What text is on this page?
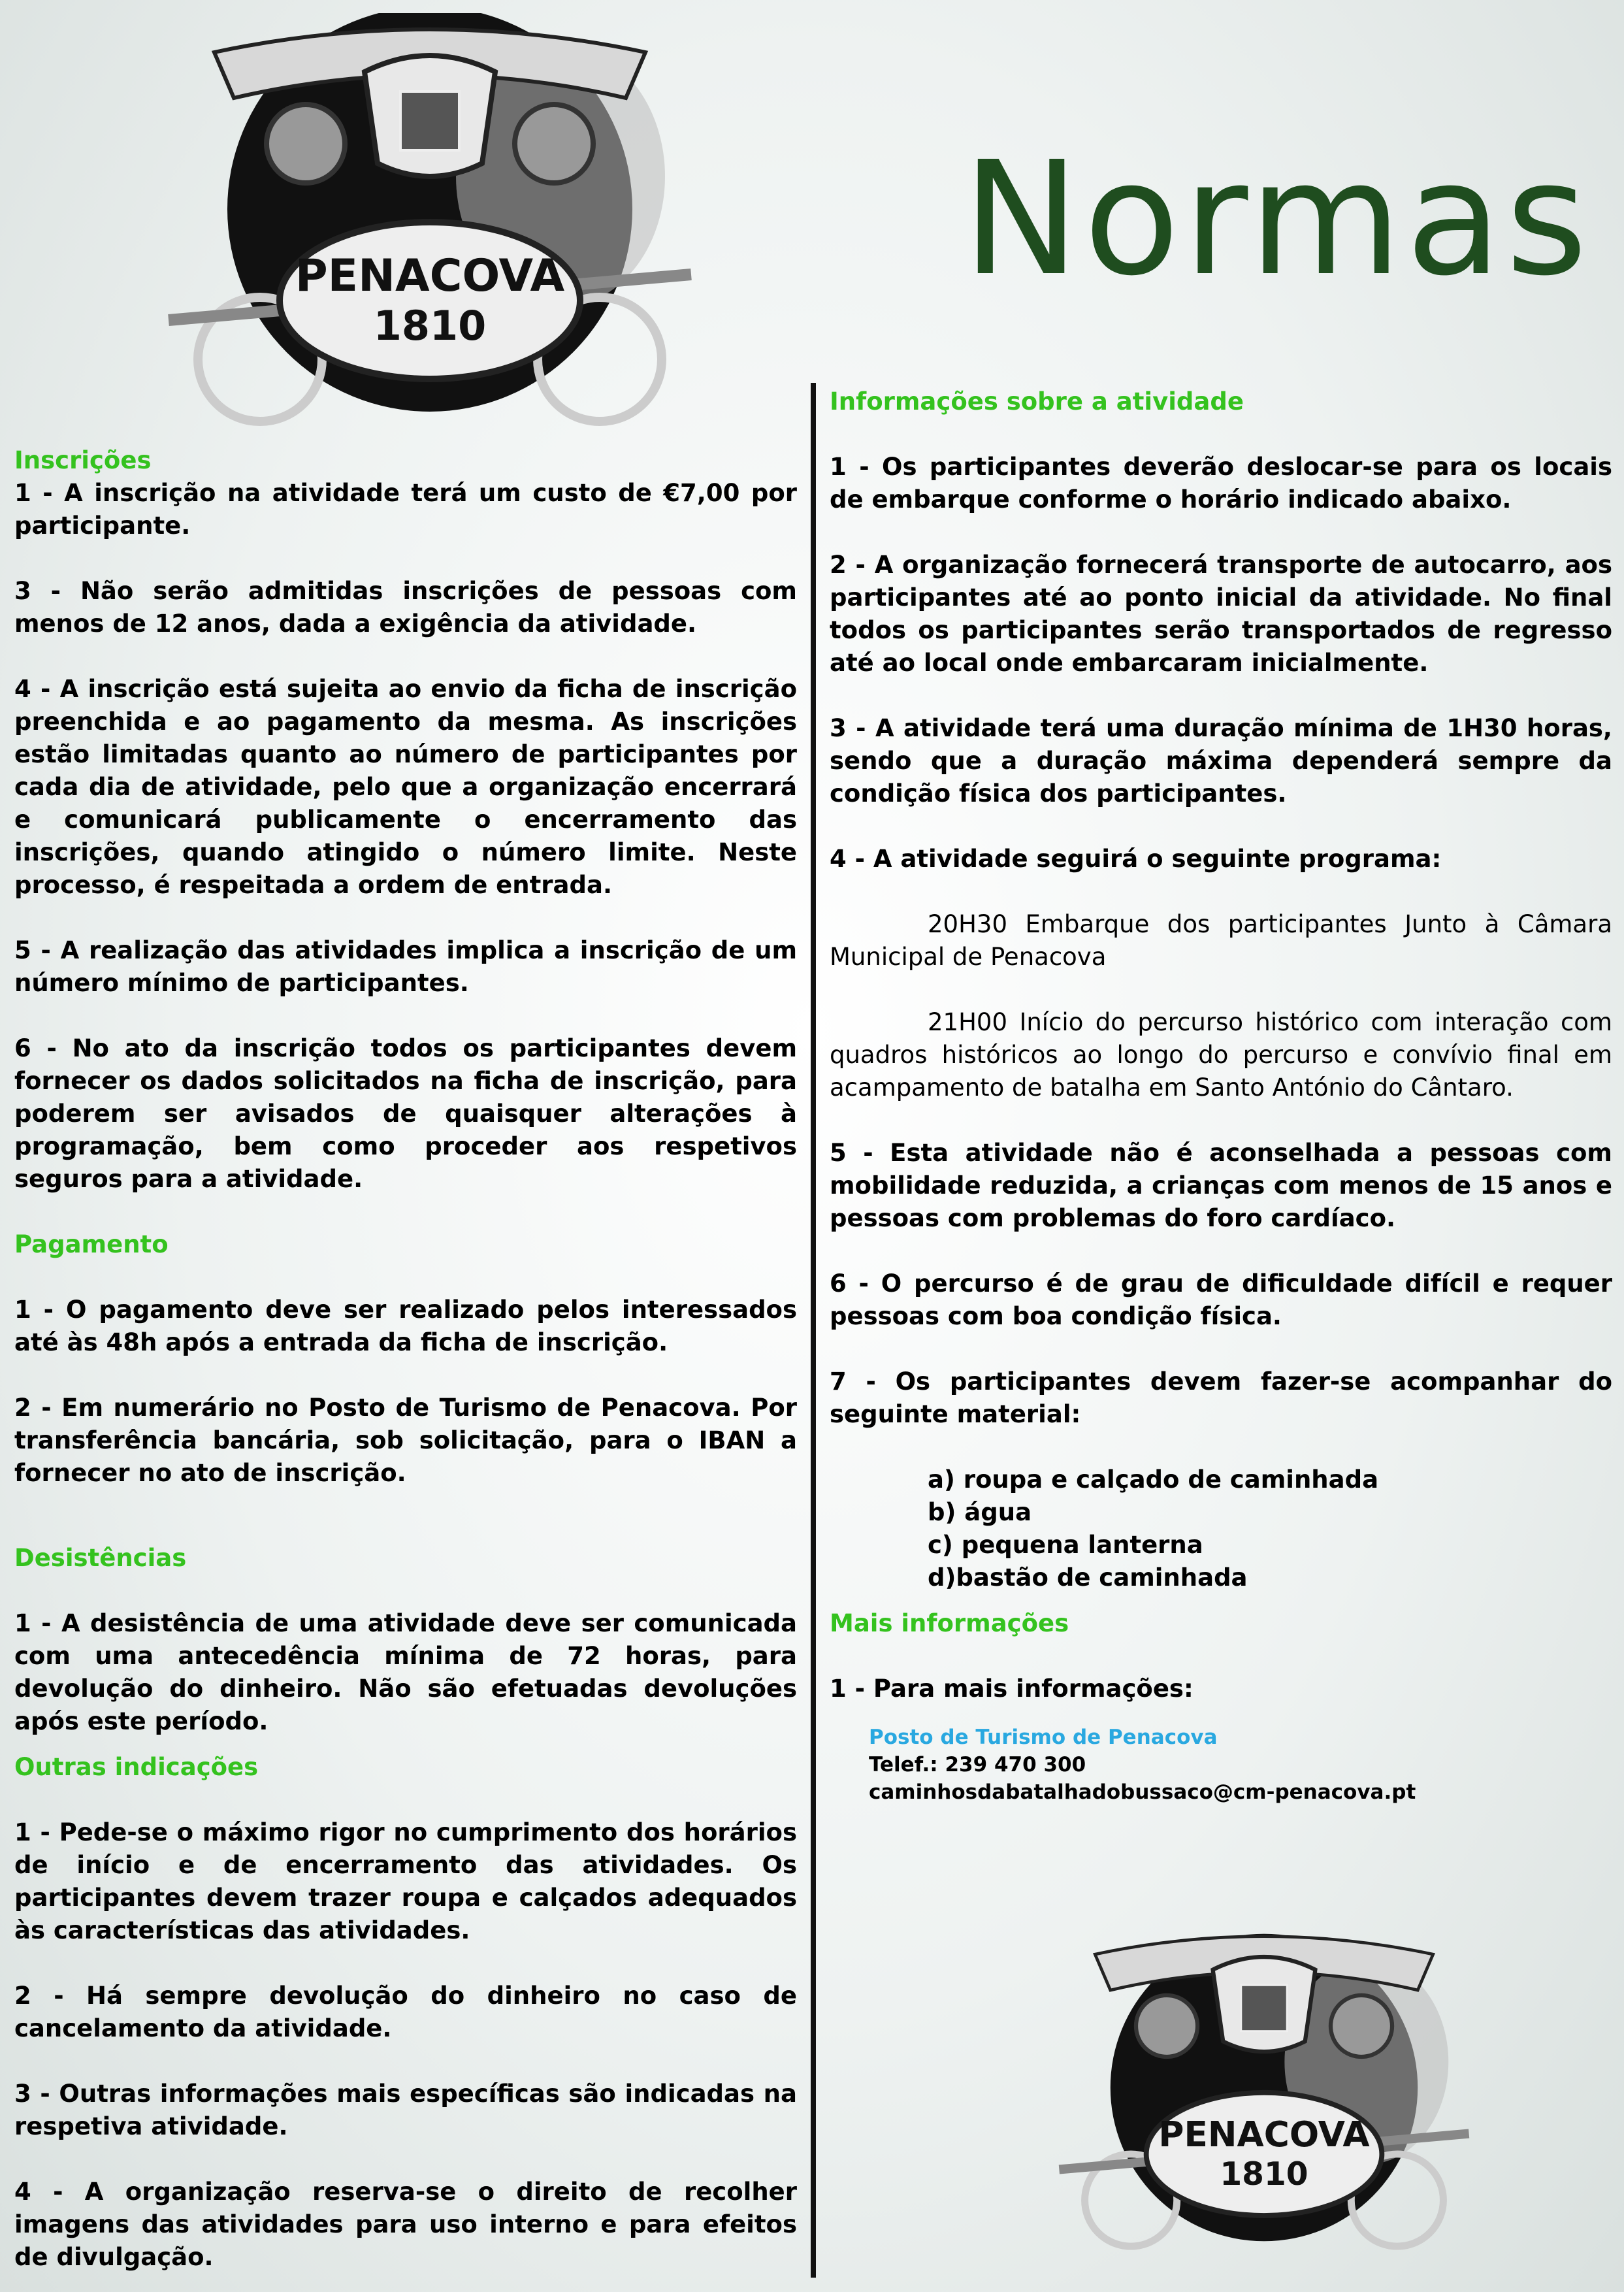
PENACOVA
1810
Normas
Inscrições

1 - A inscrição na atividade terá um custo de €7,00 por participante.

3 - Não serão admitidas inscrições de pessoas com menos de 12 anos, dada a exigência da atividade.

4 - A inscrição está sujeita ao envio da ficha de inscrição preenchida e ao pagamento da mesma. As inscrições estão limitadas quanto ao número de participantes por cada dia de atividade, pelo que a organização encerrará e comunicará publicamente o encerramento das inscrições, quando atingido o número limite. Neste processo, é respeitada a ordem de entrada.

5 - A realização das atividades implica a inscrição de um número mínimo de participantes.

6 - No ato da inscrição todos os participantes devem fornecer os dados solicitados na ficha de inscrição, para poderem ser avisados de quaisquer alterações à programação, bem como proceder aos respetivos seguros para a atividade.

Pagamento

1 - O pagamento deve ser realizado pelos interessados até às 48h após a entrada da ficha de inscrição.

2 - Em numerário no Posto de Turismo de Penacova. Por transferência bancária, sob solicitação, para o IBAN a fornecer no ato de inscrição.

Desistências

1 - A desistência de uma atividade deve ser comunicada com uma antecedência mínima de 72 horas, para devolução do dinheiro. Não são efetuadas devoluções após este período.

Outras indicações

1 - Pede-se o máximo rigor no cumprimento dos horários de início e de encerramento das atividades. Os participantes devem trazer roupa e calçados adequados às características das atividades.

2 - Há sempre devolução do dinheiro no caso de cancelamento da atividade.

3 - Outras informações mais específicas são indicadas na respetiva atividade.

4 - A organização reserva-se o direito de recolher imagens das atividades para uso interno e para efeitos de divulgação.

Informações sobre a atividade

1 - Os participantes deverão deslocar-se para os locais de embarque conforme o horário indicado abaixo.

2 - A organização fornecerá transporte de autocarro, aos participantes até ao ponto inicial da atividade. No final todos os participantes serão transportados de regresso até ao local onde embarcaram inicialmente.

3 - A atividade terá uma duração mínima de 1H30 horas, sendo que a duração máxima dependerá sempre da condição física dos participantes.

4 - A atividade seguirá o seguinte programa:

20H30 Embarque dos participantes Junto à Câmara Municipal de Penacova

21H00 Início do percurso histórico com interação com quadros históricos ao longo do percurso e convívio final em acampamento de batalha em Santo António do Cântaro.

5 - Esta atividade não é aconselhada a pessoas com mobilidade reduzida, a crianças com menos de 15 anos e pessoas com problemas do foro cardíaco.

6 - O percurso é de grau de dificuldade difícil e requer pessoas com boa condição física.

7 - Os participantes devem fazer-se acompanhar do seguinte material:

a) roupa e calçado de caminhada
b) água
c) pequena lanterna
d)bastão de caminhada
Mais informações

1 - Para mais informações:

Posto de Turismo de Penacova
Telef.: 239 470 300
caminhosdabatalhadobussaco@cm-penacova.pt
PENACOVA
1810
